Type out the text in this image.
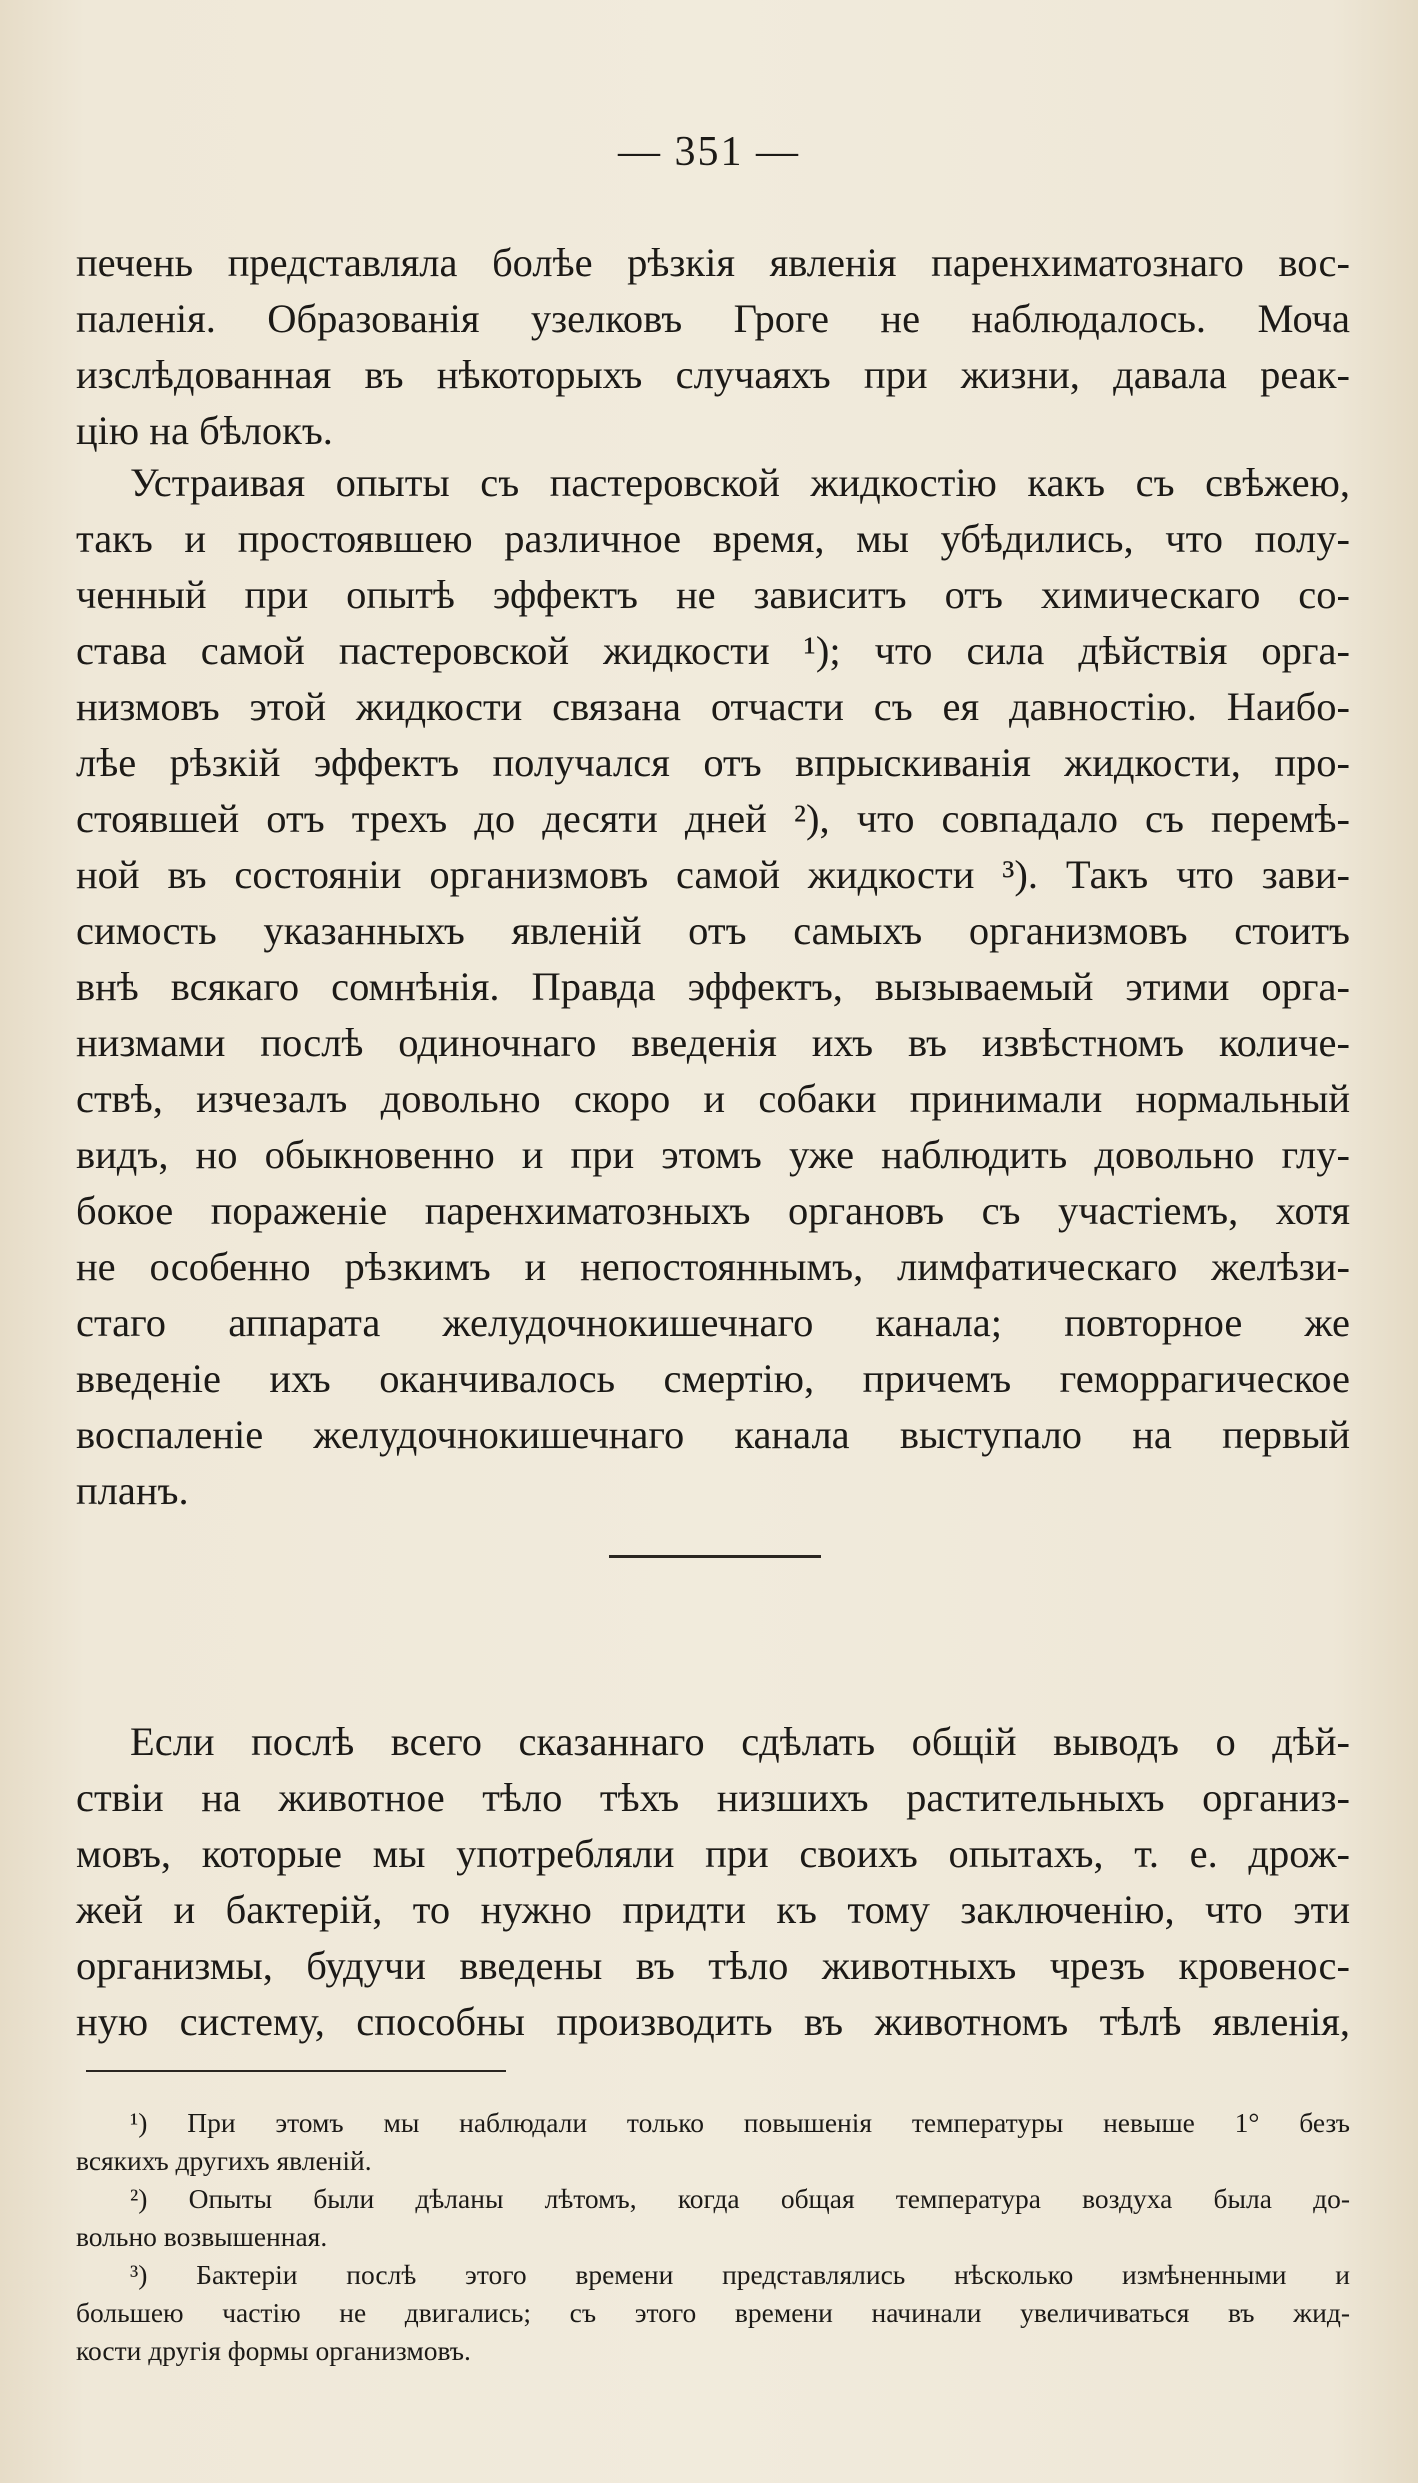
— 351 —
печень представляла болѣе рѣзкія явленія паренхиматознаго вос-
паленія. Образованія узелковъ Гроге не наблюдалось. Моча
изслѣдованная въ нѣкоторыхъ случаяхъ при жизни, давала реак-
цію на бѣлокъ.
Устраивая опыты съ пастеровской жидкостію какъ съ свѣжею,
такъ и простоявшею различное время, мы убѣдились, что полу-
ченный при опытѣ эффектъ не зависитъ отъ химическаго со-
става самой пастеровской жидкости ¹); что сила дѣйствія орга-
низмовъ этой жидкости связана отчасти съ ея давностію. Наибо-
лѣе рѣзкій эффектъ получался отъ впрыскиванія жидкости, про-
стоявшей отъ трехъ до десяти дней ²), что совпадало съ перемѣ-
ной въ состояніи организмовъ самой жидкости ³). Такъ что зави-
симость указанныхъ явленій отъ самыхъ организмовъ стоитъ
внѣ всякаго сомнѣнія. Правда эффектъ, вызываемый этими орга-
низмами послѣ одиночнаго введенія ихъ въ извѣстномъ количе-
ствѣ, изчезалъ довольно скоро и собаки принимали нормальный
видъ, но обыкновенно и при этомъ уже наблюдить довольно глу-
бокое пораженіе паренхиматозныхъ органовъ съ участіемъ, хотя
не особенно рѣзкимъ и непостояннымъ, лимфатическаго желѣзи-
стаго аппарата желудочнокишечнаго канала; повторное же
введеніе ихъ оканчивалось смертію, причемъ геморрагическое
воспаленіе желудочнокишечнаго канала выступало на первый
планъ.
Если послѣ всего сказаннаго сдѣлать общій выводъ о дѣй-
ствіи на животное тѣло тѣхъ низшихъ растительныхъ организ-
мовъ, которые мы употребляли при своихъ опытахъ, т. е. дрож-
жей и бактерій, то нужно придти къ тому заключенію, что эти
организмы, будучи введены въ тѣло животныхъ чрезъ кровенос-
ную систему, способны производить въ животномъ тѣлѣ явленія,
¹) При этомъ мы наблюдали только повышенія температуры невыше 1° безъ
всякихъ другихъ явленій.
²) Опыты были дѣланы лѣтомъ, когда общая температура воздуха была до-
вольно возвышенная.
³) Бактеріи послѣ этого времени представлялись нѣсколько измѣненными и
большею частію не двигались; съ этого времени начинали увеличиваться въ жид-
кости другія формы организмовъ.
